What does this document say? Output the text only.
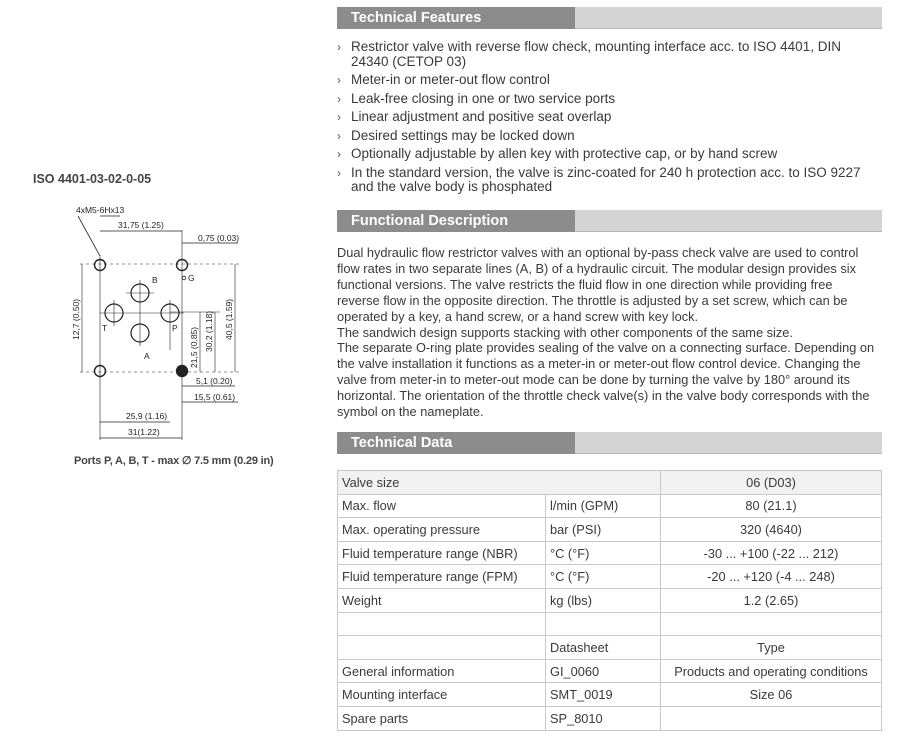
ISO 4401-03-02-0-05
4xM5-6Hx13
31,75 (1.25)
0,75 (0.03)
B	G
T	P
A
12,7 (0.50)
21,5 (0.85) 30,2 (1.18) 40,5 (1.59)
5,1 (0.20)
15,5 (0.61)
25,9 (1.16)
31(1.22)
Ports P, A, B, T - max ∅ 7.5 mm (0.29 in)
Technical Features
› Restrictor valve with reverse flow check, mounting interface acc. to ISO 4401, DIN 24340 (CETOP 03)
› Meter-in or meter-out flow control
› Leak-free closing in one or two service ports
› Linear adjustment and positive seat overlap
› Desired settings may be locked down
› Optionally adjustable by allen key with protective cap, or by hand screw
› In the standard version, the valve is zinc-coated for 240 h protection acc. to ISO 9227 and the valve body is phosphated
Functional Description

Dual hydraulic flow restrictor valves with an optional by-pass check valve are used to control flow rates in two separate lines (A, B) of a hydraulic circuit. The modular design provides six functional versions. The valve restricts the fluid flow in one direction while providing free reverse flow in the opposite direction. The throttle is adjusted by a set screw, which can be operated by a key, a hand screw, or a hand screw with key lock.

The sandwich design supports stacking with other components of the same size.

The separate O-ring plate provides sealing of the valve on a connecting surface. Depending on the valve installation it functions as a meter-in or meter-out flow control device. Changing the valve from meter-in to meter-out mode can be done by turning the valve by 180° around its horizontal. The orientation of the throttle check valve(s) in the valve body corresponds with the symbol on the nameplate.

Technical Data
Valve size		06 (D03)
Max. flow	l/min (GPM)	80 (21.1)
Max. operating pressure	bar (PSI)	320 (4640)
Fluid temperature range (NBR)	°C (°F)	-30 ... +100 (-22 ... 212)
Fluid temperature range (FPM)	°C (°F)	-20 ... +120 (-4 ... 248)
Weight	kg (lbs)	1.2 (2.65)

	Datasheet	Type
General information	GI_0060	Products and operating conditions
Mounting interface	SMT_0019	Size 06
Spare parts	SP_8010	
